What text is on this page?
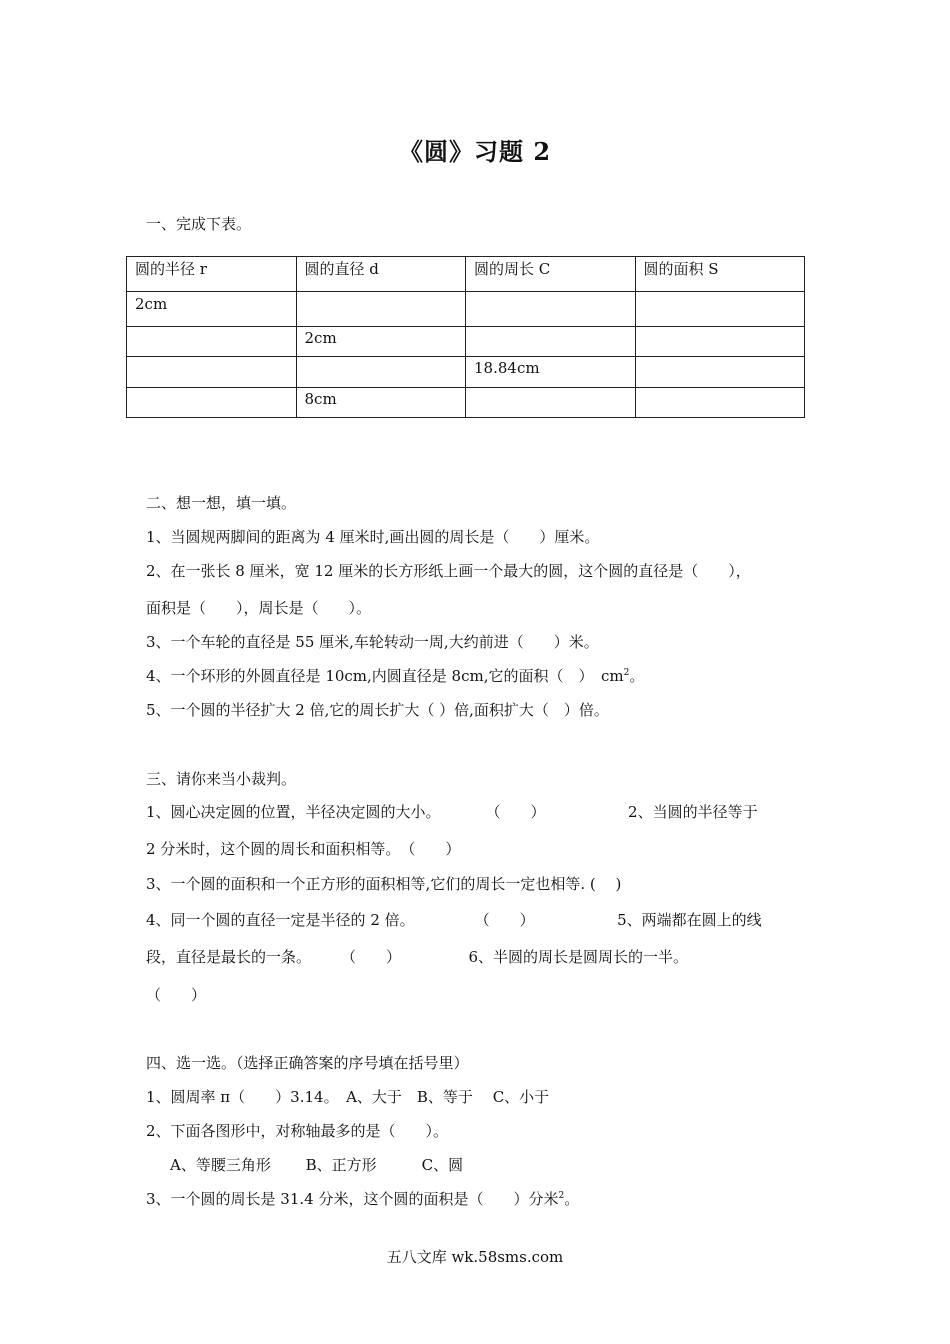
《圆》习题 2
一、完成下表。
圆的半径 r	圆的直径 d	圆的周长 C	圆的面积 S
2cm			
	2cm		
		18.84cm	
	8cm		
二、想一想，填一填。
1、当圆规两脚间的距离为 4 厘米时,画出圆的周长是（　　）厘米。
2、在一张长 8 厘米，宽 12 厘米的长方形纸上画一个最大的圆，这个圆的直径是（　　），
面积是（　　），周长是（　　）。
3、一个车轮的直径是 55 厘米,车轮转动一周,大约前进（　　）米。
4、一个环形的外圆直径是 10cm,内圆直径是 8cm,它的面积（　）　$cm^2$。
5、一个圆的半径扩大 2 倍,它的周长扩大（ ）倍,面积扩大（　）倍。
三、请你来当小裁判。
1、圆心决定圆的位置，半径决定圆的大小。　　　　（　　）　　　　　　2、当圆的半径等于
2 分米时，这个圆的周长和面积相等。　（　　）
3、一个圆的面积和一个正方形的面积相等,它们的周长一定也相等. (　 )
4、同一个圆的直径一定是半径的 2 倍。　　　　　（　　）　　　　　　5、两端都在圆上的线
段，直径是最长的一条。　　　（　　）　　　　　6、半圆的周长是圆周长的一半。
（　　）
四、选一选。（选择正确答案的序号填在括号里）
1、圆周率 π（　　）3.14。　A、大于　B、等于　 C、小于
2、下面各图形中，对称轴最多的是（　　）。
A、等腰三角形　　 B、正方形　　　C、圆
3、一个圆的周长是 31.4 分米，这个圆的面积是（　　）分米$^2$。
五八文库 wk.58sms.com
